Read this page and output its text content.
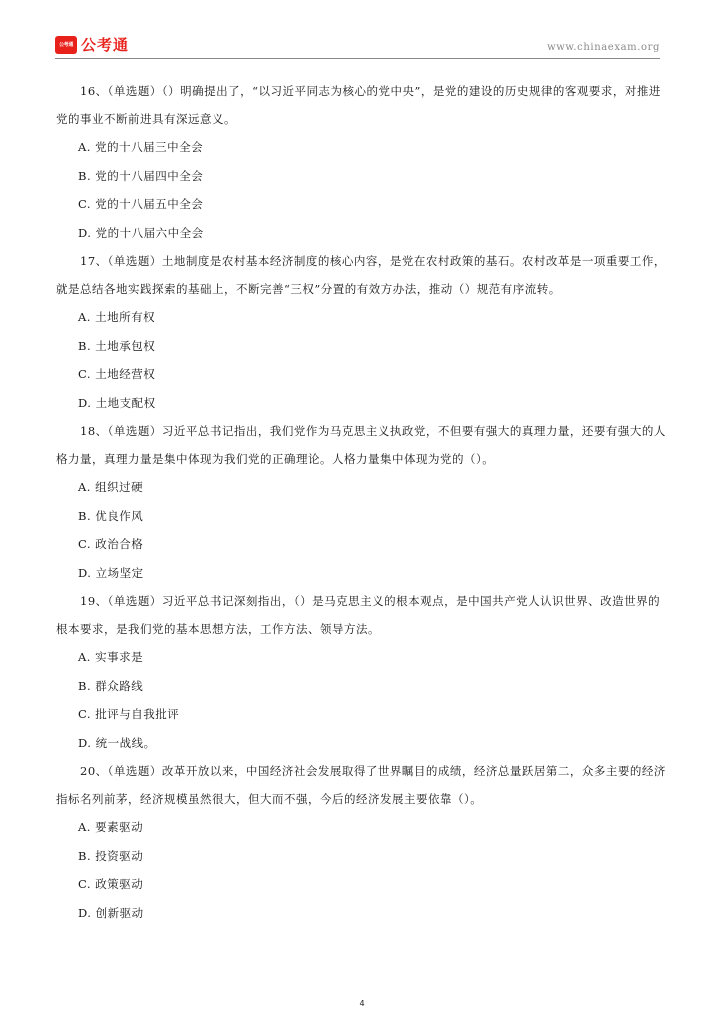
公考通 公考通	www.chinaexam.org

16、（单选题）（）明确提出了，“以习近平同志为核心的党中央”，是党的建设的历史规律的客观要求，对推进党的事业不断前进具有深远意义。

A. 党的十八届三中全会

B. 党的十八届四中全会

C. 党的十八届五中全会

D. 党的十八届六中全会

17、（单选题）土地制度是农村基本经济制度的核心内容，是党在农村政策的基石。农村改革是一项重要工作，就是总结各地实践探索的基础上，不断完善“三权”分置的有效方办法，推动（）规范有序流转。

A. 土地所有权

B. 土地承包权

C. 土地经营权

D. 土地支配权

18、（单选题）习近平总书记指出，我们党作为马克思主义执政党，不但要有强大的真理力量，还要有强大的人格力量，真理力量是集中体现为我们党的正确理论。人格力量集中体现为党的（）。

A. 组织过硬

B. 优良作风

C. 政治合格

D. 立场坚定

19、（单选题）习近平总书记深刻指出，（）是马克思主义的根本观点，是中国共产党人认识世界、改造世界的根本要求，是我们党的基本思想方法，工作方法、领导方法。

A. 实事求是

B. 群众路线

C. 批评与自我批评

D. 统一战线。

20、（单选题）改革开放以来，中国经济社会发展取得了世界瞩目的成绩，经济总量跃居第二，众多主要的经济指标名列前茅，经济规模虽然很大，但大而不强，今后的经济发展主要依靠（）。

A. 要素驱动

B. 投资驱动

C. 政策驱动

D. 创新驱动

4
